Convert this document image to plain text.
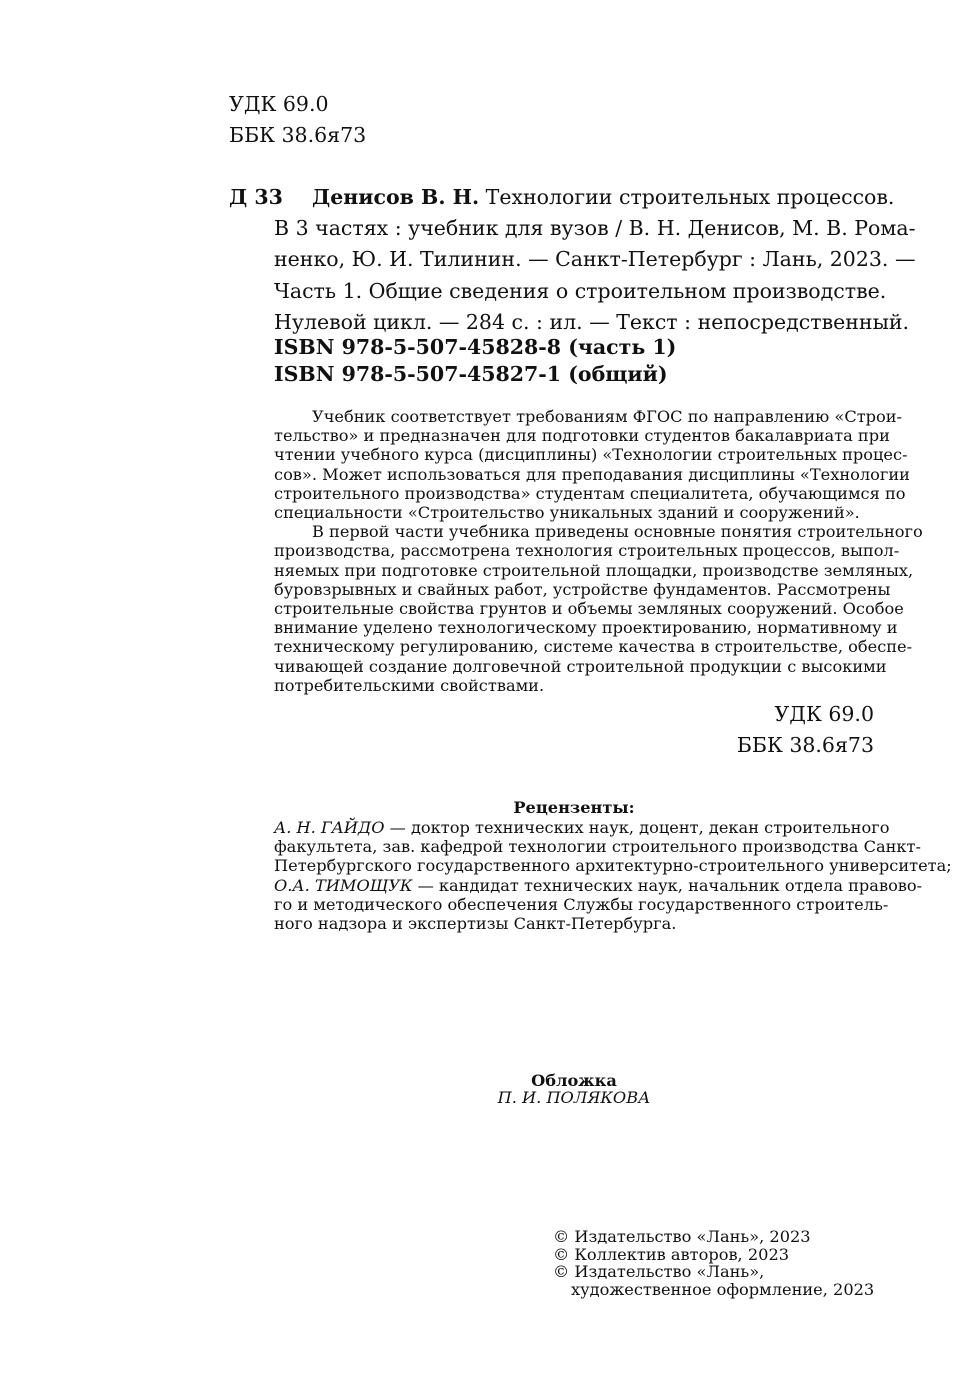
УДК 69.0
ББК 38.6я73
Д 33	Денисов В. Н. Технологии строительных процессов.
В 3 частях : учебник для вузов / В. Н. Денисов, М. В. Рома-
ненко, Ю. И. Тилинин. — Санкт-Петербург : Лань, 2023. —
Часть 1. Общие сведения о строительном производстве.
Нулевой цикл. — 284 с. : ил. — Текст : непосредственный.
ISBN 978-5-507-45828-8 (часть 1)
ISBN 978-5-507-45827-1 (общий)
Учебник соответствует требованиям ФГОС по направлению «Строи-
тельство» и предназначен для подготовки студентов бакалавриата при
чтении учебного курса (дисциплины) «Технологии строительных процес-
сов». Может использоваться для преподавания дисциплины «Технологии
строительного производства» студентам специалитета, обучающимся по
специальности «Строительство уникальных зданий и сооружений».
В первой части учебника приведены основные понятия строительного
производства, рассмотрена технология строительных процессов, выпол-
няемых при подготовке строительной площадки, производстве земляных,
буровзрывных и свайных работ, устройстве фундаментов. Рассмотрены
строительные свойства грунтов и объемы земляных сооружений. Особое
внимание уделено технологическому проектированию, нормативному и
техническому регулированию, системе качества в строительстве, обеспе-
чивающей создание долговечной строительной продукции с высокими
потребительскими свойствами.
УДК 69.0
ББК 38.6я73
Рецензенты:
А. Н. ГАЙДО — доктор технических наук, доцент, декан строительного
факультета, зав. кафедрой технологии строительного производства Санкт-
Петербургского государственного архитектурно-строительного университета;
О.А. ТИМОЩУК — кандидат технических наук, начальник отдела правово-
го и методического обеспечения Службы государственного строитель-
ного надзора и экспертизы Санкт-Петербурга.
Обложка
П. И. ПОЛЯКОВА
© Издательство «Лань», 2023
© Коллектив авторов, 2023
© Издательство «Лань»,
художественное оформление, 2023
